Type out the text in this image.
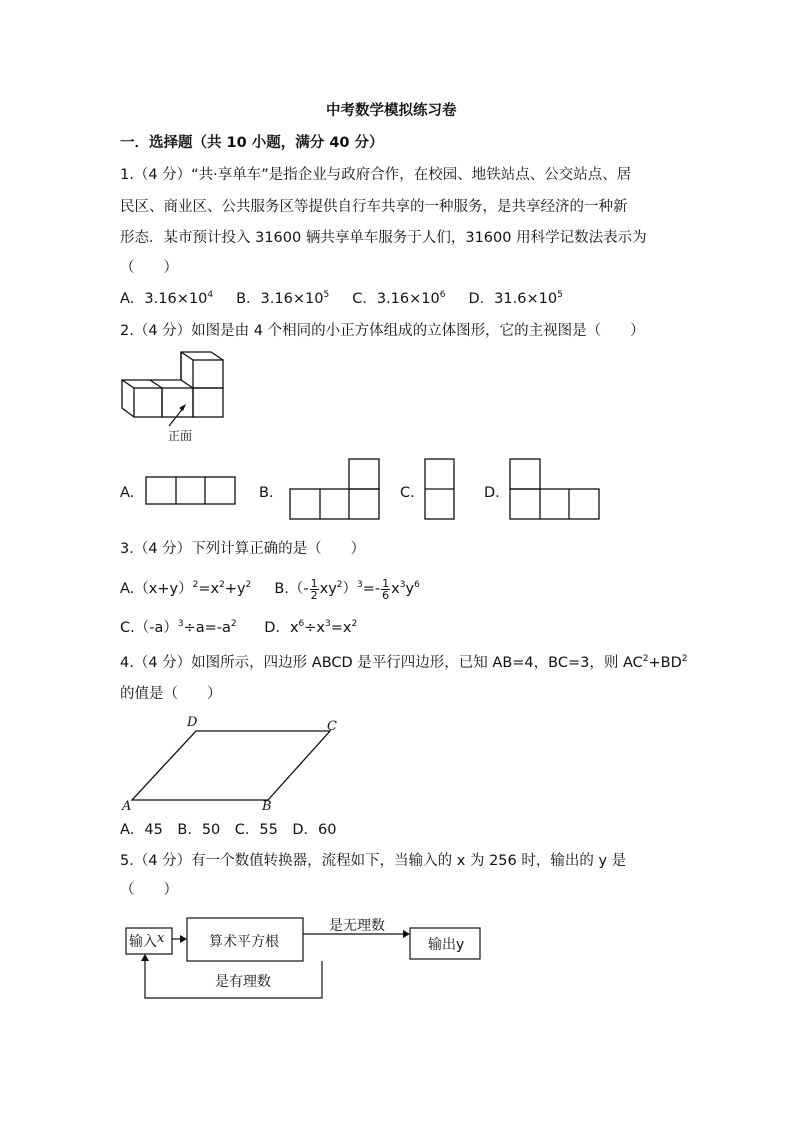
中考数学模拟练习卷
一．选择题（共 10 小题，满分 40 分）
1.（4 分）“共·享单车”是指企业与政府合作，在校园、地铁站点、公交站点、居
民区、商业区、公共服务区等提供自行车共享的一种服务，是共享经济的一种新
形态．某市预计投入 31600 辆共享单车服务于人们，31600 用科学记数法表示为
（　　）
A．$3.16\times 10^4$ B．$3.16\times 10^5$ C．$3.16\times 10^6$ D．$31.6\times 10^5$
2.（4 分）如图是由 4 个相同的小正方体组成的立体图形，它的主视图是（　　）
正面
A.	B.	C.	D.
3.（4 分）下列计算正确的是（　　）
$A.(x+y)^2=x^2+y^2$ $B.(- \frac{1}{2} xy^2)^3=- \frac{1}{6} x^3y^6$
$C.(-a)^3\div a=-a^2$ D．$x^6\div x^3=x^2$
4.（4 分）如图所示，四边形 ABCD 是平行四边形，已知 AB=4，BC=3，则 $AC^2+BD^2$
的值是（　　）
A	B
C
D
A．45　B．50　C．55　D．60
5.（4 分）有一个数值转换器，流程如下，当输入的 x 为 256 时，输出的 y 是
（　　）
输入 x	算术平方根
是无理数
输出y
是有理数
